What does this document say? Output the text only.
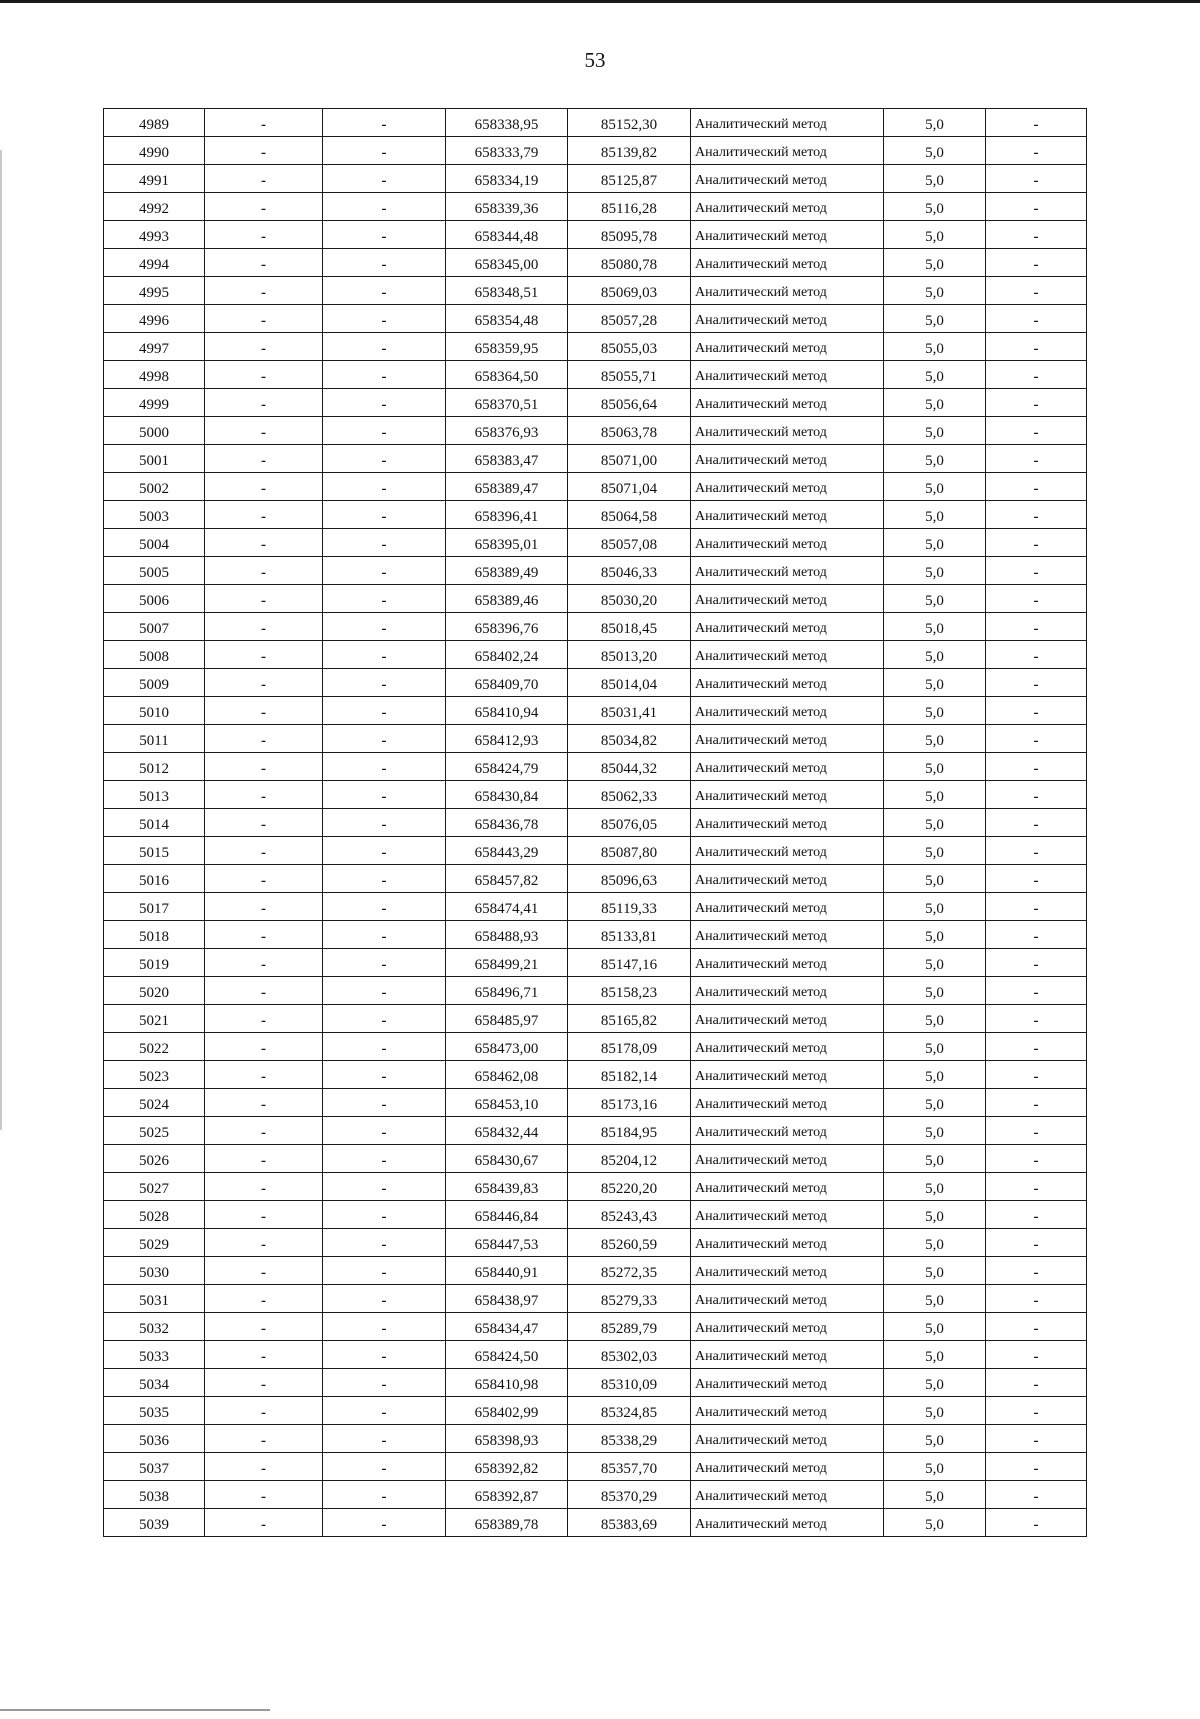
53
4989	-	-	658338,95	85152,30	Аналитический метод	5,0	-
4990	-	-	658333,79	85139,82	Аналитический метод	5,0	-
4991	-	-	658334,19	85125,87	Аналитический метод	5,0	-
4992	-	-	658339,36	85116,28	Аналитический метод	5,0	-
4993	-	-	658344,48	85095,78	Аналитический метод	5,0	-
4994	-	-	658345,00	85080,78	Аналитический метод	5,0	-
4995	-	-	658348,51	85069,03	Аналитический метод	5,0	-
4996	-	-	658354,48	85057,28	Аналитический метод	5,0	-
4997	-	-	658359,95	85055,03	Аналитический метод	5,0	-
4998	-	-	658364,50	85055,71	Аналитический метод	5,0	-
4999	-	-	658370,51	85056,64	Аналитический метод	5,0	-
5000	-	-	658376,93	85063,78	Аналитический метод	5,0	-
5001	-	-	658383,47	85071,00	Аналитический метод	5,0	-
5002	-	-	658389,47	85071,04	Аналитический метод	5,0	-
5003	-	-	658396,41	85064,58	Аналитический метод	5,0	-
5004	-	-	658395,01	85057,08	Аналитический метод	5,0	-
5005	-	-	658389,49	85046,33	Аналитический метод	5,0	-
5006	-	-	658389,46	85030,20	Аналитический метод	5,0	-
5007	-	-	658396,76	85018,45	Аналитический метод	5,0	-
5008	-	-	658402,24	85013,20	Аналитический метод	5,0	-
5009	-	-	658409,70	85014,04	Аналитический метод	5,0	-
5010	-	-	658410,94	85031,41	Аналитический метод	5,0	-
5011	-	-	658412,93	85034,82	Аналитический метод	5,0	-
5012	-	-	658424,79	85044,32	Аналитический метод	5,0	-
5013	-	-	658430,84	85062,33	Аналитический метод	5,0	-
5014	-	-	658436,78	85076,05	Аналитический метод	5,0	-
5015	-	-	658443,29	85087,80	Аналитический метод	5,0	-
5016	-	-	658457,82	85096,63	Аналитический метод	5,0	-
5017	-	-	658474,41	85119,33	Аналитический метод	5,0	-
5018	-	-	658488,93	85133,81	Аналитический метод	5,0	-
5019	-	-	658499,21	85147,16	Аналитический метод	5,0	-
5020	-	-	658496,71	85158,23	Аналитический метод	5,0	-
5021	-	-	658485,97	85165,82	Аналитический метод	5,0	-
5022	-	-	658473,00	85178,09	Аналитический метод	5,0	-
5023	-	-	658462,08	85182,14	Аналитический метод	5,0	-
5024	-	-	658453,10	85173,16	Аналитический метод	5,0	-
5025	-	-	658432,44	85184,95	Аналитический метод	5,0	-
5026	-	-	658430,67	85204,12	Аналитический метод	5,0	-
5027	-	-	658439,83	85220,20	Аналитический метод	5,0	-
5028	-	-	658446,84	85243,43	Аналитический метод	5,0	-
5029	-	-	658447,53	85260,59	Аналитический метод	5,0	-
5030	-	-	658440,91	85272,35	Аналитический метод	5,0	-
5031	-	-	658438,97	85279,33	Аналитический метод	5,0	-
5032	-	-	658434,47	85289,79	Аналитический метод	5,0	-
5033	-	-	658424,50	85302,03	Аналитический метод	5,0	-
5034	-	-	658410,98	85310,09	Аналитический метод	5,0	-
5035	-	-	658402,99	85324,85	Аналитический метод	5,0	-
5036	-	-	658398,93	85338,29	Аналитический метод	5,0	-
5037	-	-	658392,82	85357,70	Аналитический метод	5,0	-
5038	-	-	658392,87	85370,29	Аналитический метод	5,0	-
5039	-	-	658389,78	85383,69	Аналитический метод	5,0	-
